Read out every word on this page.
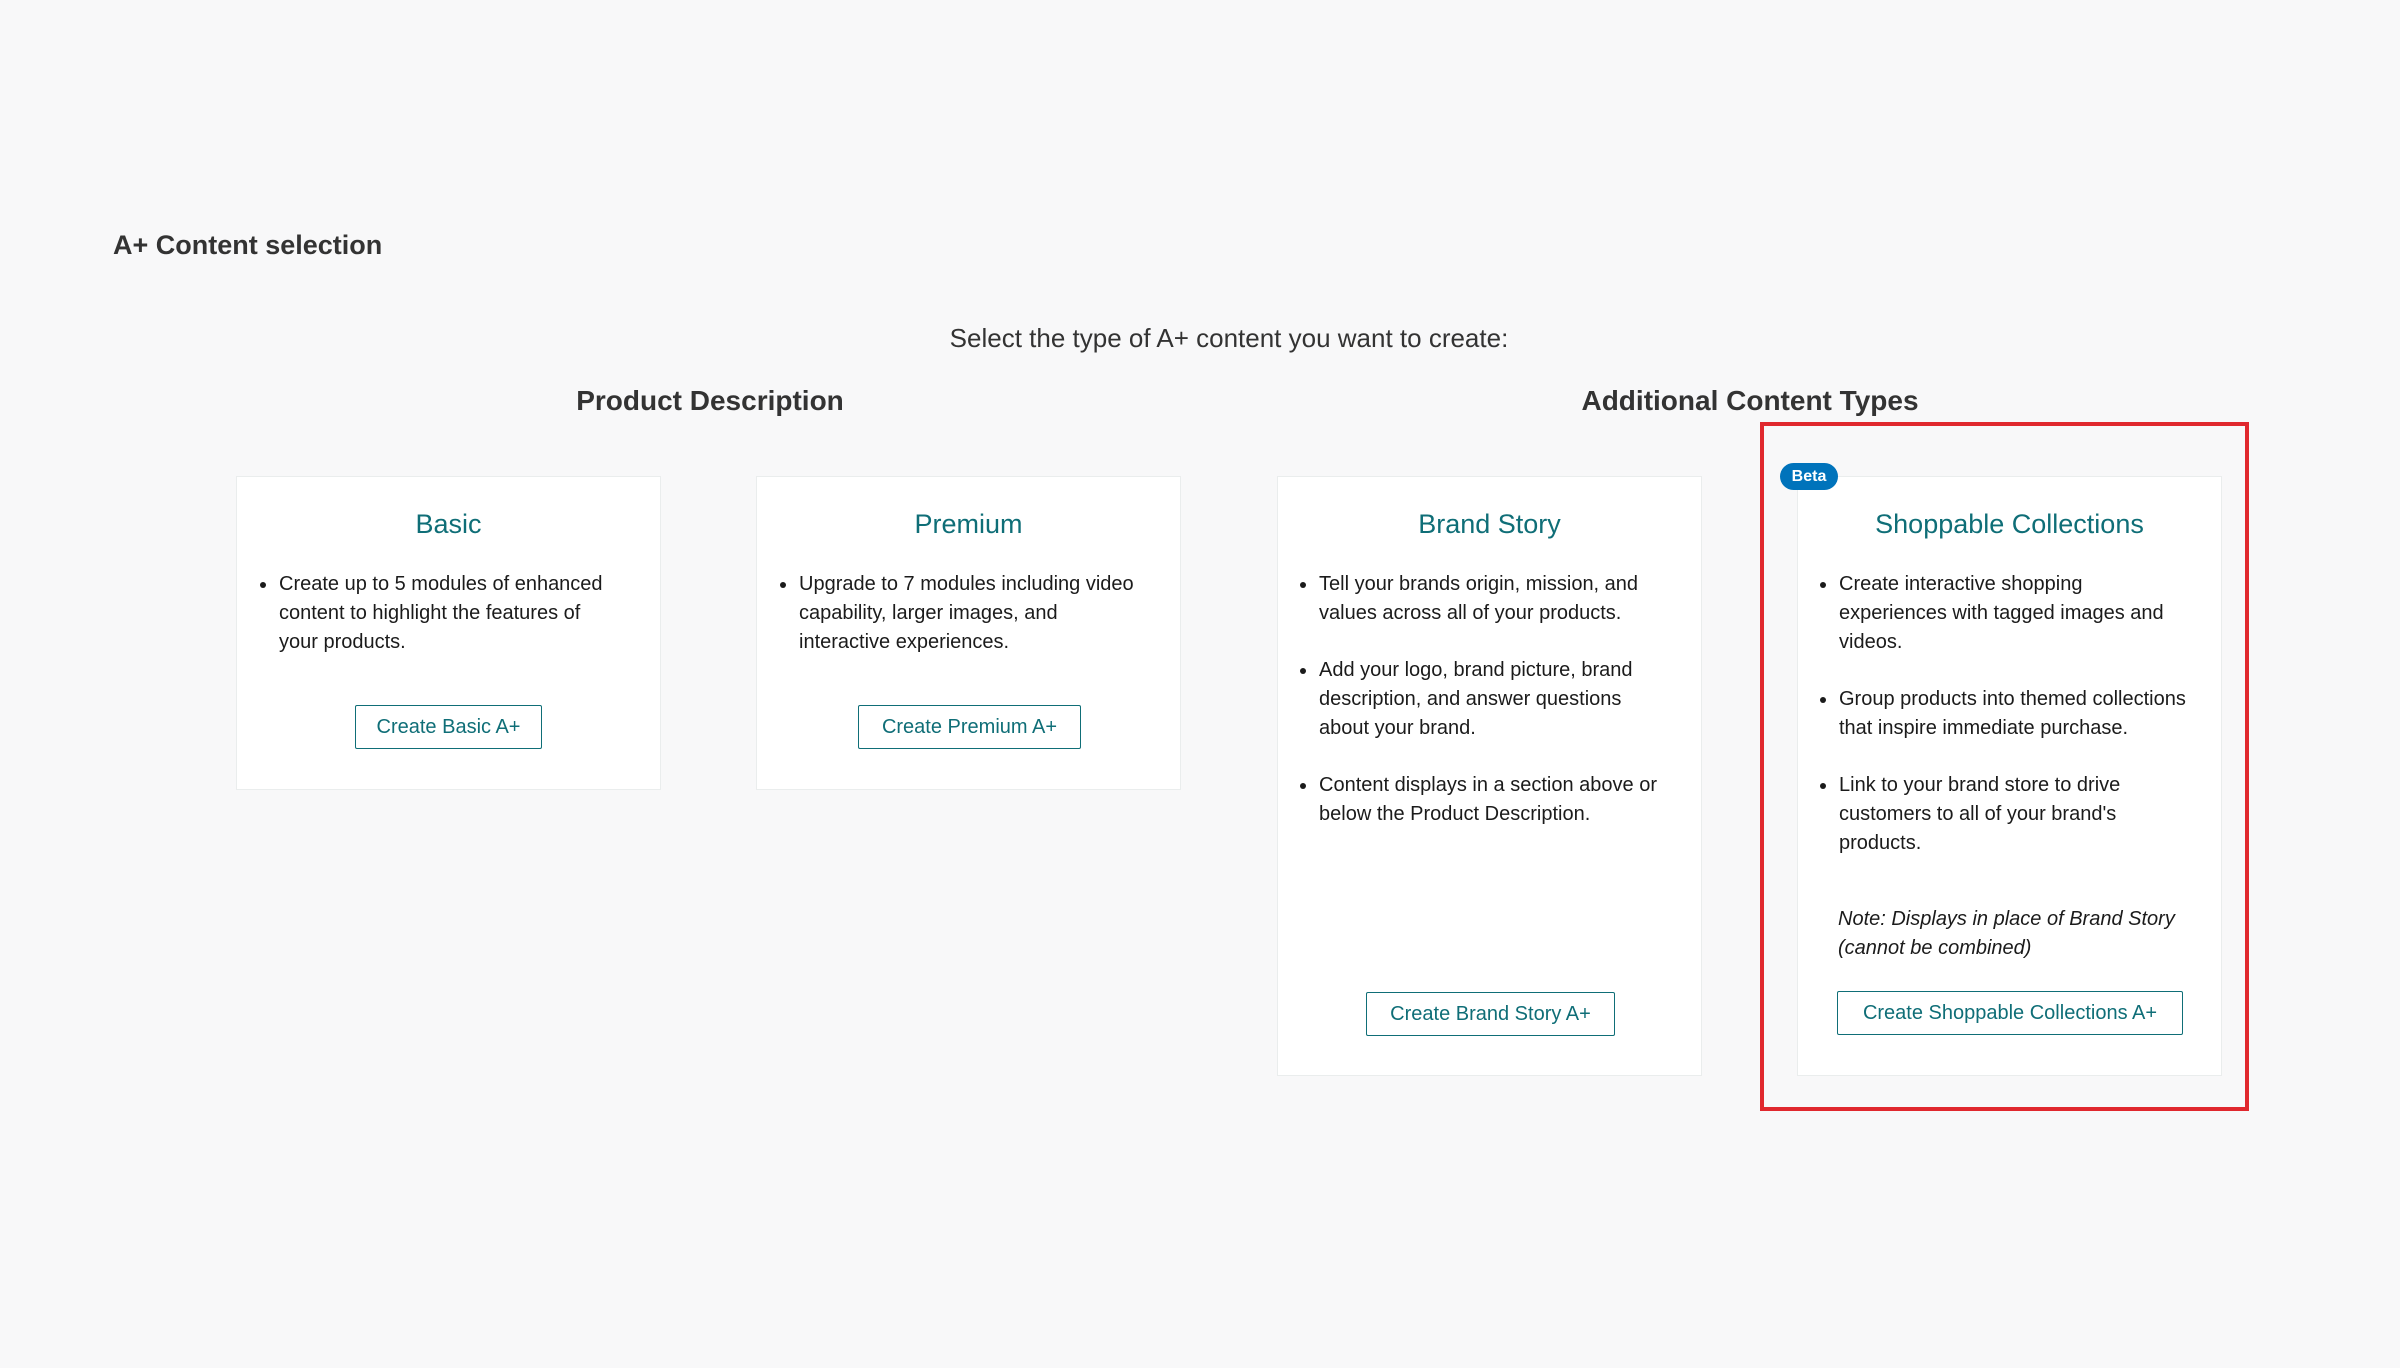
A+ Content selection
Select the type of A+ content you want to create:
Product Description	Additional Content Types
Basic
Create up to 5 modules of enhanced content to highlight the features of your products.
Create Basic A+
Premium
Upgrade to 7 modules including video capability, larger images, and interactive experiences.
Create Premium A+
Brand Story
Tell your brands origin, mission, and values across all of your products.
Add your logo, brand picture, brand description, and answer questions about your brand.
Content displays in a section above or below the Product Description.
Create Brand Story A+
Shoppable Collections
Create interactive shopping experiences with tagged images and videos.
Group products into themed collections that inspire immediate purchase.
Link to your brand store to drive customers to all of your brand's products.
Note: Displays in place of Brand Story (cannot be combined)
Create Shoppable Collections A+
Beta
